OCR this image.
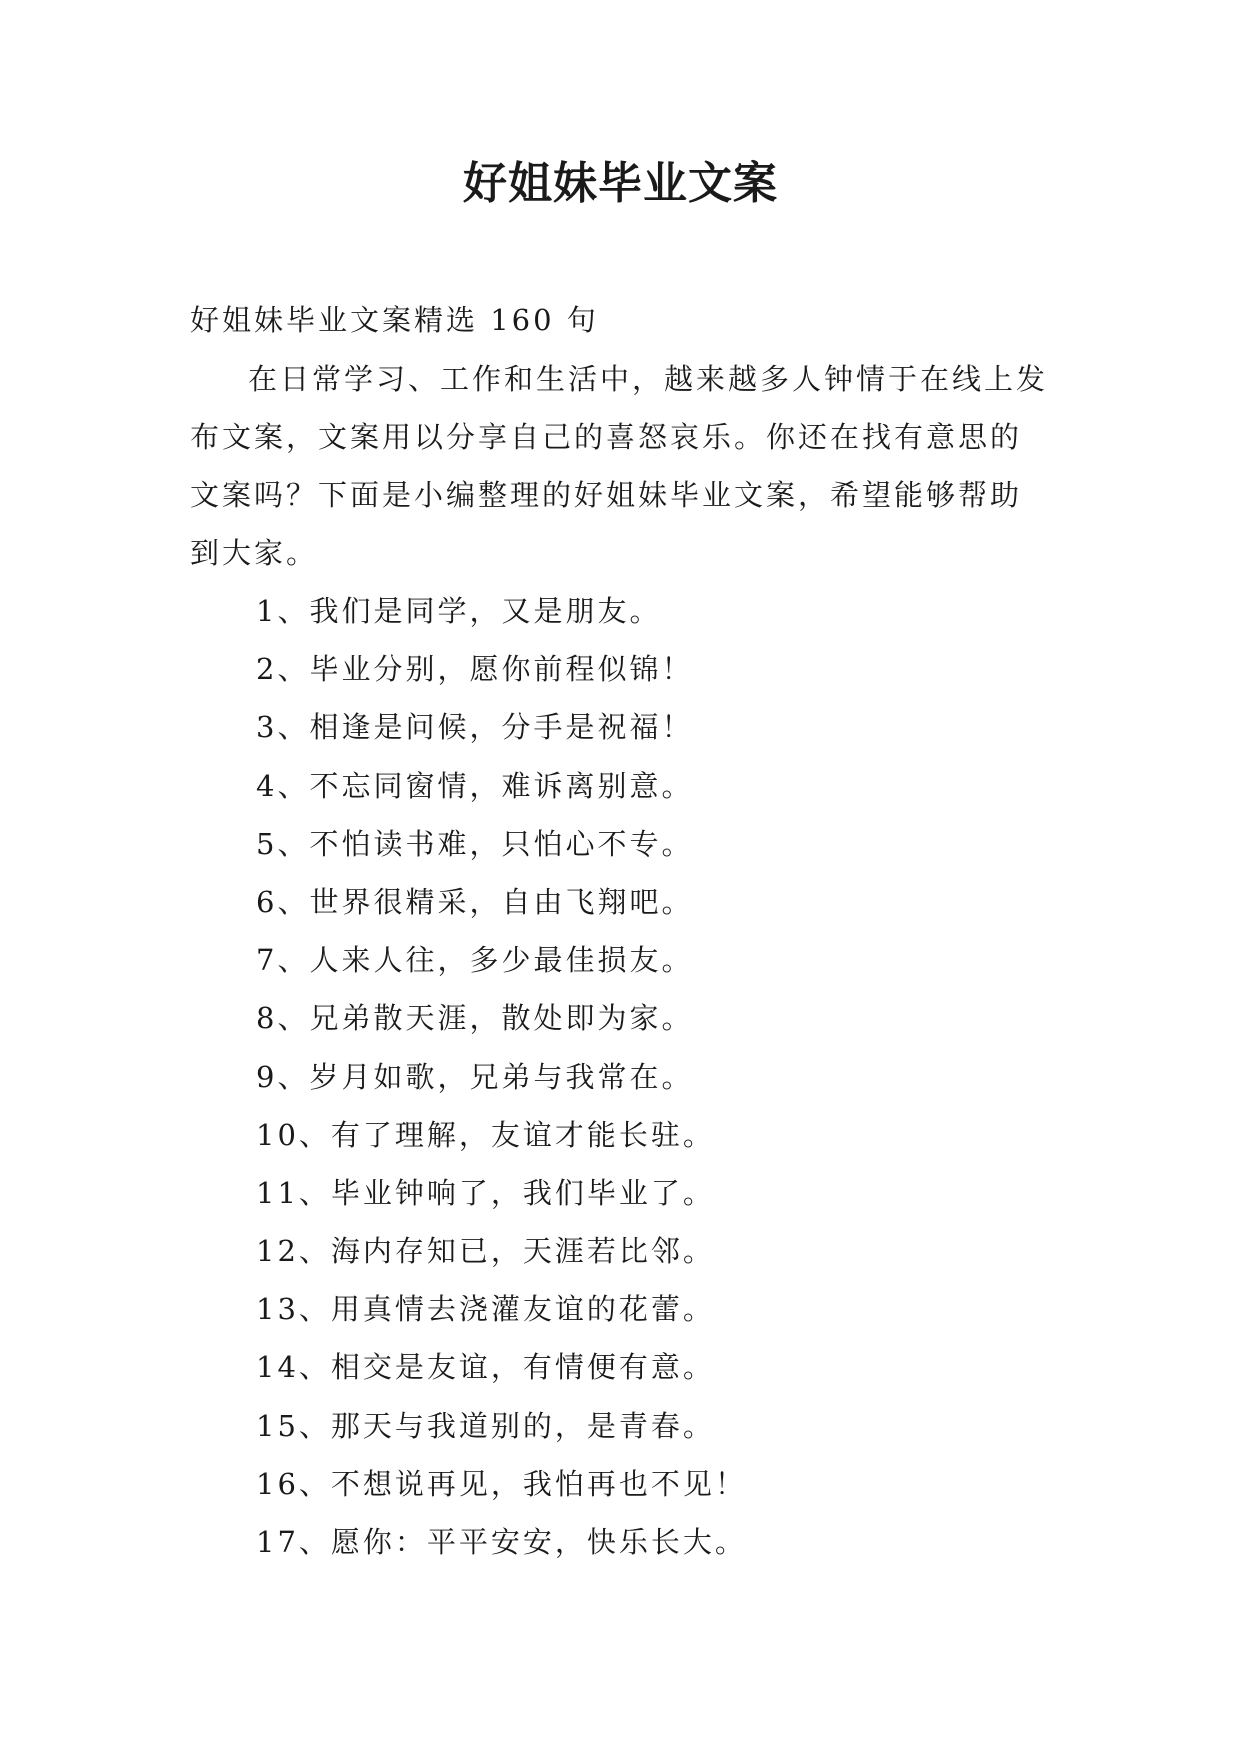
好姐妹毕业文案

好姐妹毕业文案精选 160 句

在日常学习、工作和生活中，越来越多人钟情于在线上发布文案，文案用以分享自己的喜怒哀乐。你还在找有意思的文案吗？下面是小编整理的好姐妹毕业文案，希望能够帮助到大家。

1、我们是同学，又是朋友。
2、毕业分别，愿你前程似锦！
3、相逢是问候，分手是祝福！
4、不忘同窗情，难诉离别意。
5、不怕读书难，只怕心不专。
6、世界很精采，自由飞翔吧。
7、人来人往，多少最佳损友。
8、兄弟散天涯，散处即为家。
9、岁月如歌，兄弟与我常在。
10、有了理解，友谊才能长驻。
11、毕业钟响了，我们毕业了。
12、海内存知已，天涯若比邻。
13、用真情去浇灌友谊的花蕾。
14、相交是友谊，有情便有意。
15、那天与我道别的，是青春。
16、不想说再见，我怕再也不见！
17、愿你：平平安安，快乐长大。
